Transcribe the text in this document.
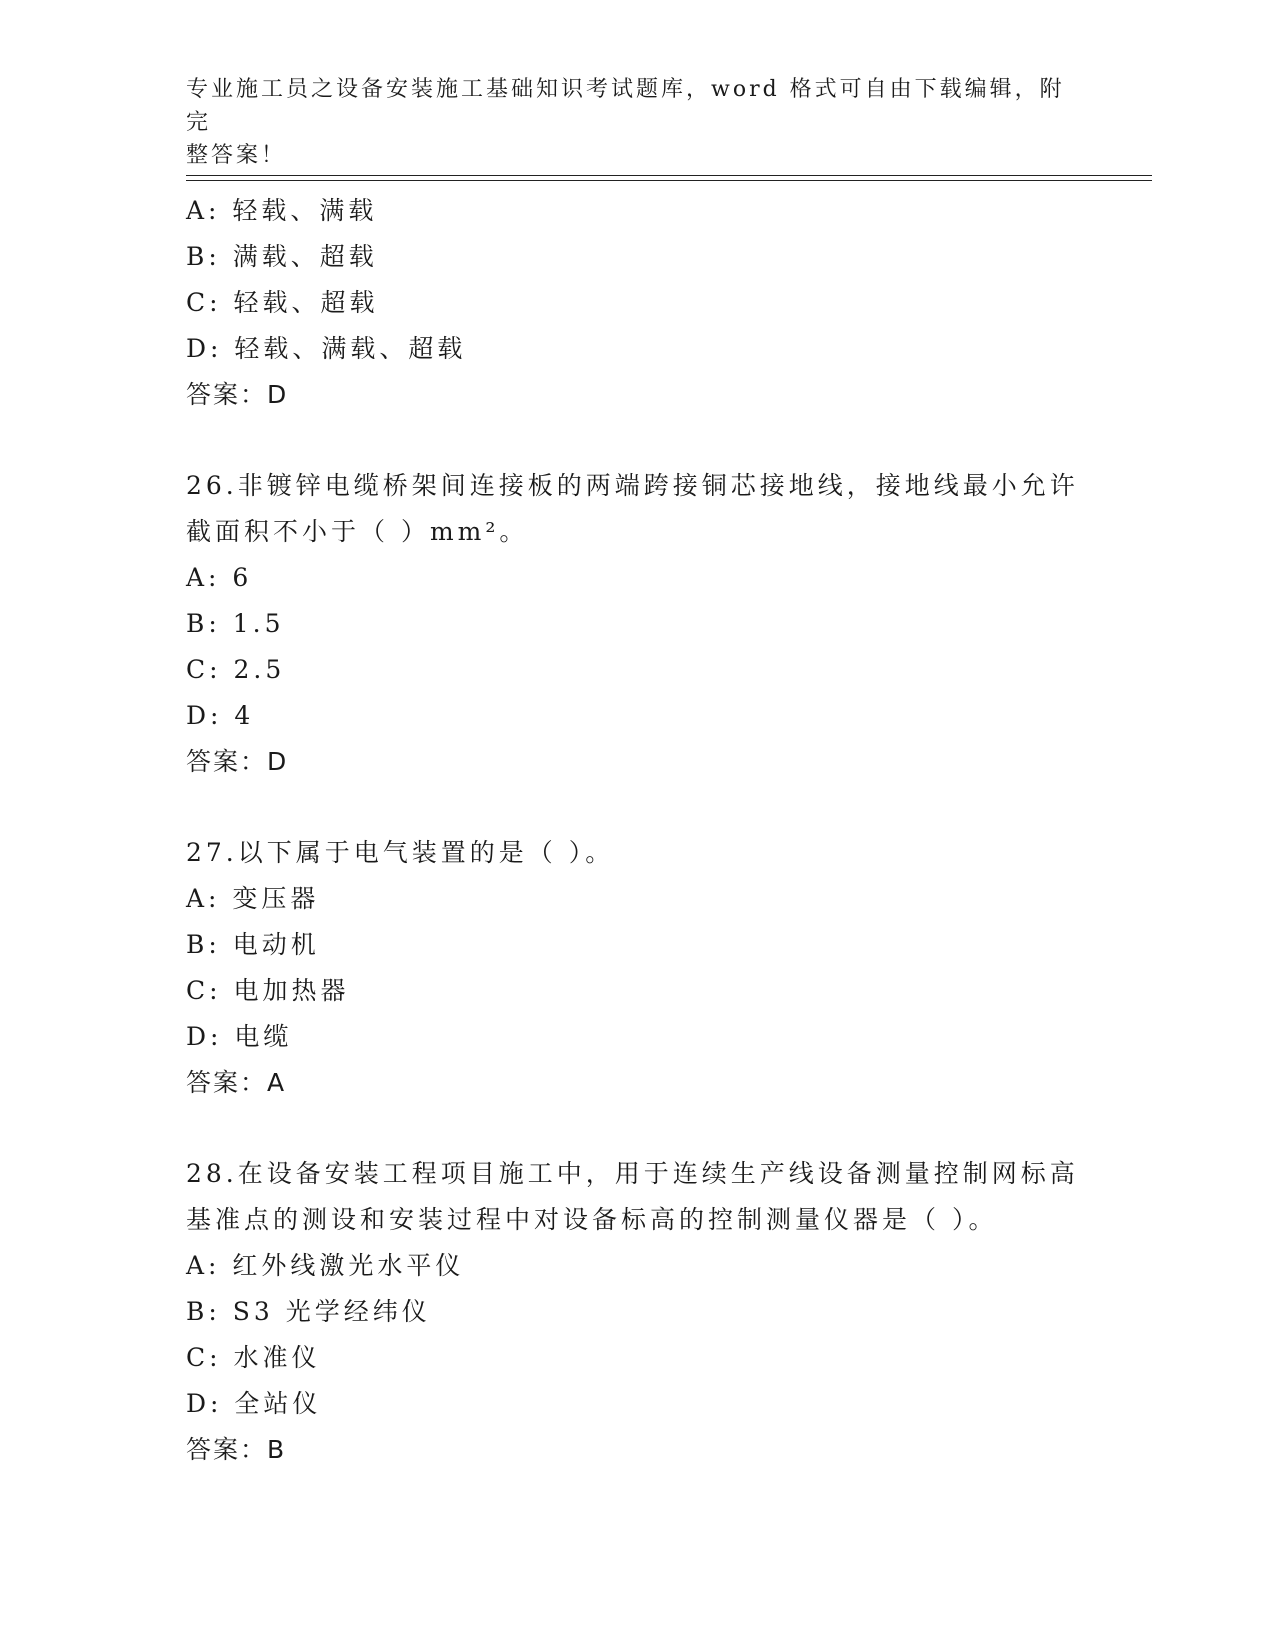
专业施工员之设备安装施工基础知识考试题库，word 格式可自由下载编辑，附完
整答案！
A: 轻载、满载
B: 满载、超载
C: 轻载、超载
D: 轻载、满载、超载
答案：D
26.非镀锌电缆桥架间连接板的两端跨接铜芯接地线，接地线最小允许
截面积不小于（ ）mm²。
A: 6
B: 1.5
C: 2.5
D: 4
答案：D
27.以下属于电气装置的是（ ）。
A: 变压器
B: 电动机
C: 电加热器
D: 电缆
答案：A
28.在设备安装工程项目施工中，用于连续生产线设备测量控制网标高
基准点的测设和安装过程中对设备标高的控制测量仪器是（ ）。
A: 红外线激光水平仪
B: S3 光学经纬仪
C: 水准仪
D: 全站仪
答案：B
